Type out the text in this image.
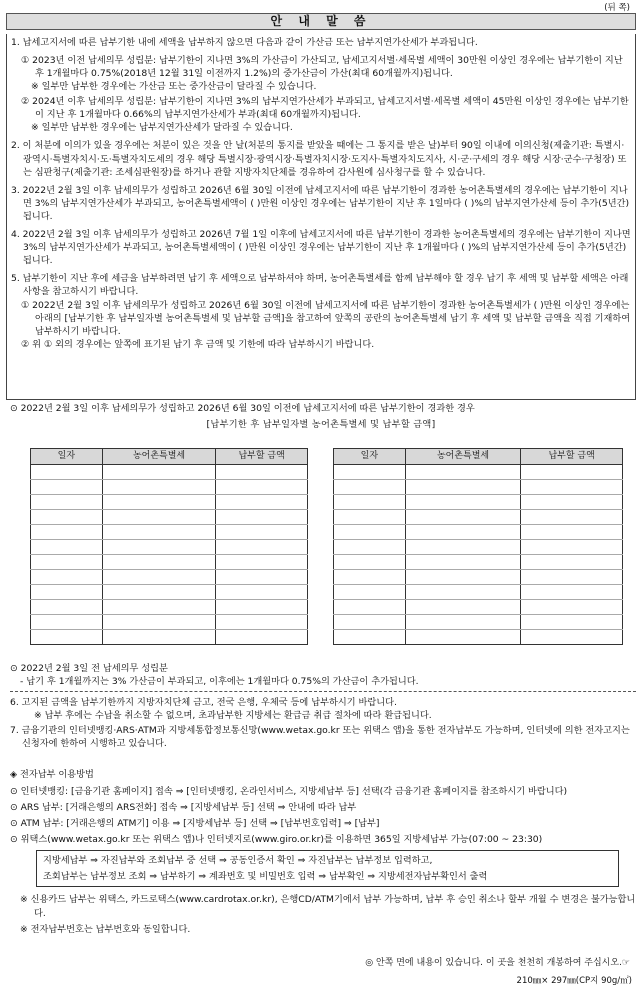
(뒤 쪽)
안 내 말 씀
1. 납세고지서에 따른 납부기한 내에 세액을 납부하지 않으면 다음과 같이 가산금 또는 납부지연가산세가 부과됩니다.
① 2023년 이전 납세의무 성립분: 납부기한이 지나면 3%의 가산금이 가산되고, 납세고지서별·세목별 세액이 30만원 이상인 경우에는 납부기한이 지난 후 1개월마다 0.75%(2018년 12월 31일 이전까지 1.2%)의 중가산금이 가산(최대 60개월까지)됩니다.
※ 일부만 납부한 경우에는 가산금 또는 중가산금이 달라질 수 있습니다.
② 2024년 이후 납세의무 성립분: 납부기한이 지나면 3%의 납부지연가산세가 부과되고, 납세고지서별·세목별 세액이 45만원 이상인 경우에는 납부기한이 지난 후 1개월마다 0.66%의 납부지연가산세가 부과(최대 60개월까지)됩니다.
※ 일부만 납부한 경우에는 납부지연가산세가 달라질 수 있습니다.
2. 이 처분에 이의가 있을 경우에는 처분이 있은 것을 안 날(처분의 통지를 받았을 때에는 그 통지를 받은 날)부터 90일 이내에 이의신청(제출기관: 특별시·광역시·특별자치시·도·특별자치도세의 경우 해당 특별시장·광역시장·특별자치시장·도지사·특별자치도지사, 시·군·구세의 경우 해당 시장·군수·구청장) 또는 심판청구(제출기관: 조세심판원장)를 하거나 관할 지방자치단체를 경유하여 감사원에 심사청구를 할 수 있습니다.
3. 2022년 2월 3일 이후 납세의무가 성립하고 2026년 6월 30일 이전에 납세고지서에 따른 납부기한이 경과한 농어촌특별세의 경우에는 납부기한이 지나면 3%의 납부지연가산세가 부과되고, 농어촌특별세액이 ( )만원 이상인 경우에는 납부기한이 지난 후 1일마다 ( )%의 납부지연가산세 등이 추가(5년간)됩니다.
4. 2022년 2월 3일 이후 납세의무가 성립하고 2026년 7월 1일 이후에 납세고지서에 따른 납부기한이 경과한 농어촌특별세의 경우에는 납부기한이 지나면 3%의 납부지연가산세가 부과되고, 농어촌특별세액이 ( )만원 이상인 경우에는 납부기한이 지난 후 1개월마다 ( )%의 납부지연가산세 등이 추가(5년간)됩니다.
5. 납부기한이 지난 후에 세금을 납부하려면 납기 후 세액으로 납부하셔야 하며, 농어촌특별세를 함께 납부해야 할 경우 납기 후 세액 및 납부할 세액은 아래 사항을 참고하시기 바랍니다.
① 2022년 2월 3일 이후 납세의무가 성립하고 2026년 6월 30일 이전에 납세고지서에 따른 납부기한이 경과한 농어촌특별세가 ( )만원 이상인 경우에는 아래의 [납부기한 후 납부일자별 농어촌특별세 및 납부할 금액]을 참고하여 앞쪽의 공란의 농어촌특별세 납기 후 세액 및 납부할 금액을 직접 기재하여 납부하시기 바랍니다.
② 위 ① 외의 경우에는 앞쪽에 표기된 납기 후 금액 및 기한에 따라 납부하시기 바랍니다.
⊙ 2022년 2월 3일 이후 납세의무가 성립하고 2026년 6월 30일 이전에 납세고지서에 따른 납부기한이 경과한 경우
[납부기한 후 납부일자별 농어촌특별세 및 납부할 금액]
일자	농어촌특별세	납부할 금액

			일자	농어촌특별세	납부할 금액

⊙ 2022년 2월 3일 전 납세의무 성립분
- 납기 후 1개월까지는 3% 가산금이 부과되고, 이후에는 1개월마다 0.75%의 가산금이 추가됩니다.
6. 고지된 금액을 납부기한까지 지방자치단체 금고, 전국 은행, 우체국 등에 납부하시기 바랍니다.
※ 납부 후에는 수납을 취소할 수 없으며, 초과납부한 지방세는 환급금 취급 절차에 따라 환급됩니다.
7. 금융기관의 인터넷뱅킹·ARS·ATM과 지방세통합정보통신망(www.wetax.go.kr 또는 위택스 앱)을 통한 전자납부도 가능하며, 인터넷에 의한 전자고지는 신청자에 한하여 시행하고 있습니다.
◈ 전자납부 이용방법
⊙ 인터넷뱅킹: [금융기관 홈페이지] 접속 ⇒ [인터넷뱅킹, 온라인서비스, 지방세납부 등] 선택(각 금융기관 홈페이지를 참조하시기 바랍니다)
⊙ ARS 납부: [거래은행의 ARS전화] 접속 ⇒ [지방세납부 등] 선택 ⇒ 안내에 따라 납부
⊙ ATM 납부: [거래은행의 ATM기] 이용 ⇒ [지방세납부 등] 선택 ⇒ [납부번호입력] ⇒ [납부]
⊙ 위택스(www.wetax.go.kr 또는 위택스 앱)나 인터넷지로(www.giro.or.kr)를 이용하면 365일 지방세납부 가능(07:00 ~ 23:30)
지방세납부 ⇒ 자진납부와 조회납부 중 선택 ⇒ 공동인증서 확인 ⇒ 자진납부는 납부정보 입력하고,
조회납부는 납부정보 조회 ⇒ 납부하기 ⇒ 계좌번호 및 비밀번호 입력 ⇒ 납부확인 ⇒ 지방세전자납부확인서 출력
※ 신용카드 납부는 위택스, 카드로택스(www.cardrotax.or.kr), 은행CD/ATM기에서 납부 가능하며, 납부 후 승인 취소나 할부 개월 수 변경은 불가능합니다.
※ 전자납부번호는 납부번호와 동일합니다.
◎ 안쪽 면에 내용이 있습니다. 이 곳을 천천히 개봉하여 주십시오.☞
210㎜× 297㎜(CP지 90g/㎡)
